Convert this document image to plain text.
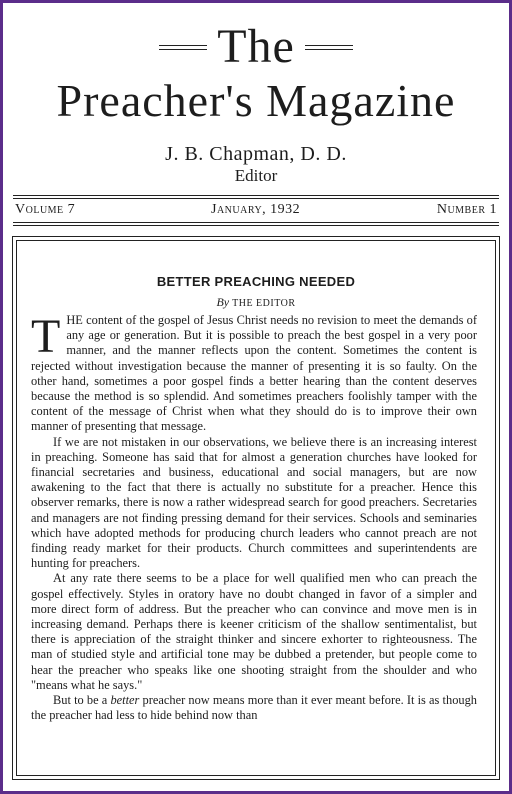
The
Preacher's Magazine
J. B. Chapman, D. D.
Editor
Volume 7	January, 1932	Number 1
BETTER PREACHING NEEDED
By THE EDITOR

THE content of the gospel of Jesus Christ needs no revision to meet the demands of any age or generation. But it is possible to preach the best gospel in a very poor manner, and the manner reflects upon the content. Sometimes the content is rejected without investigation because the manner of presenting it is so faulty. On the other hand, sometimes a poor gospel finds a better hearing than the content deserves because the method is so splendid. And sometimes preachers foolishly tamper with the content of the message of Christ when what they should do is to improve their own manner of presenting that message.

If we are not mistaken in our observations, we believe there is an increasing interest in preaching. Someone has said that for almost a generation churches have looked for financial secretaries and business, educational and social managers, but are now awakening to the fact that there is actually no substitute for a preacher. Hence this observer remarks, there is now a rather widespread search for good preachers. Secretaries and managers are not finding pressing demand for their services. Schools and seminaries which have adopted methods for producing church leaders who cannot preach are not finding ready market for their products. Church committees and superintendents are hunting for preachers.

At any rate there seems to be a place for well qualified men who can preach the gospel effectively. Styles in oratory have no doubt changed in favor of a simpler and more direct form of address. But the preacher who can convince and move men is in increasing demand. Perhaps there is keener criticism of the shallow sentimentalist, but there is appreciation of the straight thinker and sincere exhorter to righteousness. The man of studied style and artificial tone may be dubbed a pretender, but people come to hear the preacher who speaks like one shooting straight from the shoulder and who "means what he says."

But to be a better preacher now means more than it ever meant before. It is as though the preacher had less to hide behind now than
